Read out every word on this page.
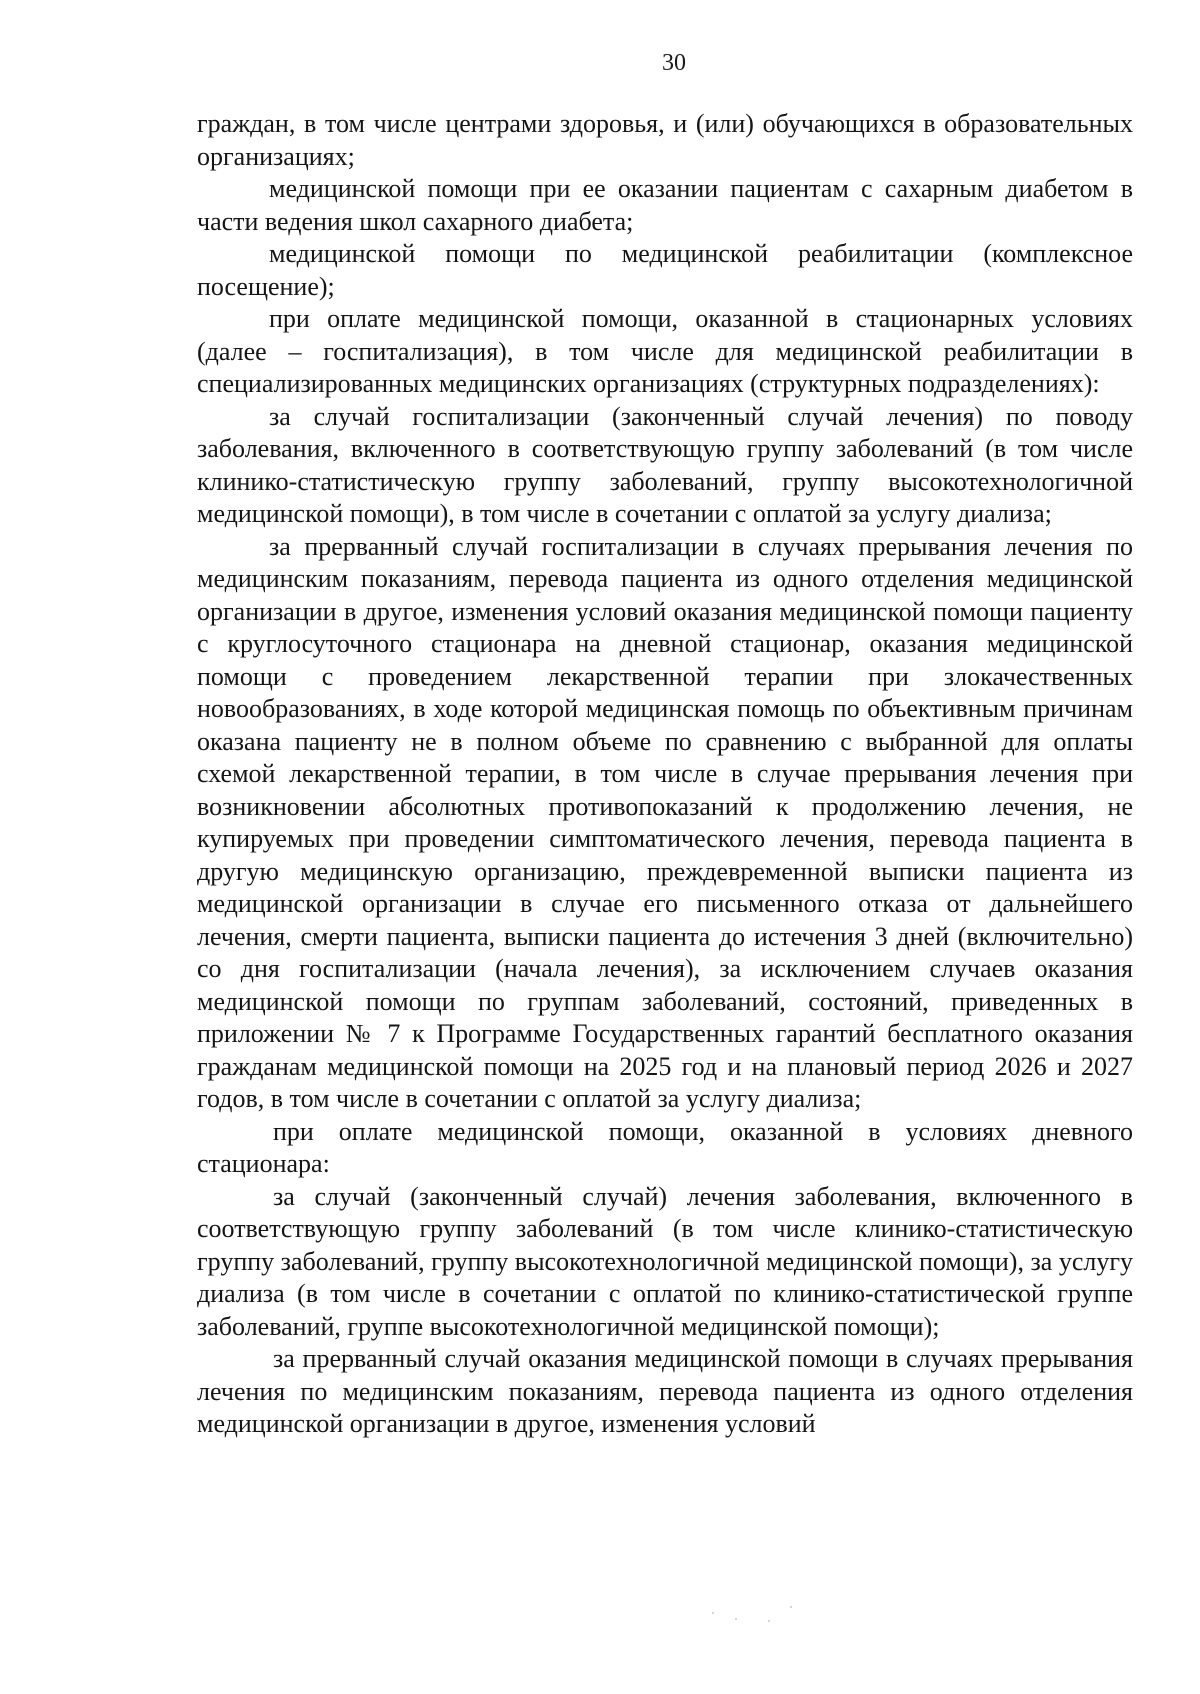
30

граждан, в том числе центрами здоровья, и (или) обучающихся в образовательных организациях;

медицинской помощи при ее оказании пациентам с сахарным диабетом в части ведения школ сахарного диабета;

медицинской помощи по медицинской реабилитации (комплексное посещение);

при оплате медицинской помощи, оказанной в стационарных условиях (далее – госпитализация), в том числе для медицинской реабилитации в специализированных медицинских организациях (структурных подразделениях):

за случай госпитализации (законченный случай лечения) по поводу заболевания, включенного в соответствующую группу заболеваний (в том числе клинико-статистическую группу заболеваний, группу высокотехнологичной медицинской помощи), в том числе в сочетании с оплатой за услугу диализа;

за прерванный случай госпитализации в случаях прерывания лечения по медицинским показаниям, перевода пациента из одного отделения медицинской организации в другое, изменения условий оказания медицинской помощи пациенту с круглосуточного стационара на дневной стационар, оказания медицинской помощи с проведением лекарственной терапии при злокачественных новообразованиях, в ходе которой медицинская помощь по объективным причинам оказана пациенту не в полном объеме по сравнению с выбранной для оплаты схемой лекарственной терапии, в том числе в случае прерывания лечения при возникновении абсолютных противопоказаний к продолжению лечения, не купируемых при проведении симптоматического лечения, перевода пациента в другую медицинскую организацию, преждевременной выписки пациента из медицинской организации в случае его письменного отказа от дальнейшего лечения, смерти пациента, выписки пациента до истечения 3 дней (включительно) со дня госпитализации (начала лечения), за исключением случаев оказания медицинской помощи по группам заболеваний, состояний, приведенных в приложении № 7 к Программе Государственных гарантий бесплатного оказания гражданам медицинской помощи на 2025 год и на плановый период 2026 и 2027 годов, в том числе в сочетании с оплатой за услугу диализа;

при оплате медицинской помощи, оказанной в условиях дневного стационара:

за случай (законченный случай) лечения заболевания, включенного в соответствующую группу заболеваний (в том числе клинико-статистическую группу заболеваний, группу высокотехнологичной медицинской помощи), за услугу диализа (в том числе в сочетании с оплатой по клинико-статистической группе заболеваний, группе высокотехнологичной медицинской помощи);

за прерванный случай оказания медицинской помощи в случаях прерывания лечения по медицинским показаниям, перевода пациента из одного отделения медицинской организации в другое, изменения условий
